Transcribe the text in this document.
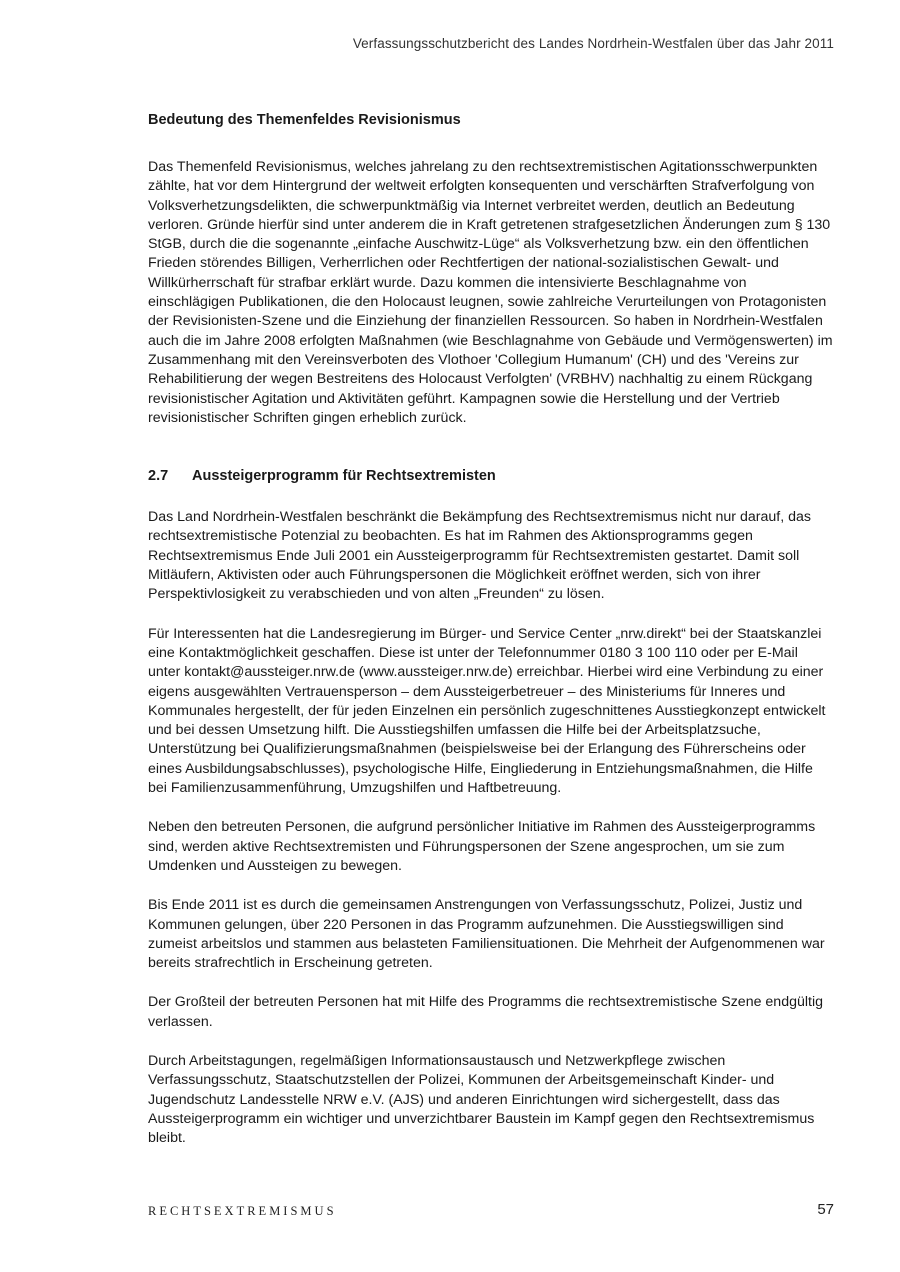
Verfassungsschutzbericht des Landes Nordrhein-Westfalen über das Jahr 2011
Bedeutung des Themenfeldes Revisionismus

Das Themenfeld Revisionismus, welches jahrelang zu den rechtsextremistischen Agitationsschwerpunkten zählte, hat vor dem Hintergrund der weltweit erfolgten konsequenten und verschärften Strafverfolgung von Volksverhetzungsdelikten, die schwerpunktmäßig via Internet verbreitet werden, deutlich an Bedeutung verloren. Gründe hierfür sind unter anderem die in Kraft getretenen strafgesetzlichen Änderungen zum § 130 StGB, durch die die sogenannte „einfache Auschwitz-Lüge“ als Volksverhetzung bzw. ein den öffentlichen Frieden störendes Billigen, Verherrlichen oder Rechtfertigen der national-sozialistischen Gewalt- und Willkürherrschaft für strafbar erklärt wurde. Dazu kommen die intensivierte Beschlagnahme von einschlägigen Publikationen, die den Holocaust leugnen, sowie zahlreiche Verurteilungen von Protagonisten der Revisionisten-Szene und die Einziehung der finanziellen Ressourcen. So haben in Nordrhein-Westfalen auch die im Jahre 2008 erfolgten Maßnahmen (wie Beschlagnahme von Gebäude und Vermögenswerten) im Zusammenhang mit den Vereinsverboten des Vlothoer 'Collegium Humanum' (CH) und des 'Vereins zur Rehabilitierung der wegen Bestreitens des Holocaust Verfolgten' (VRBHV) nachhaltig zu einem Rückgang revisionistischer Agitation und Aktivitäten geführt. Kampagnen sowie die Herstellung und der Vertrieb revisionistischer Schriften gingen erheblich zurück.

2.7	Aussteigerprogramm für Rechtsextremisten

Das Land Nordrhein-Westfalen beschränkt die Bekämpfung des Rechtsextremismus nicht nur darauf, das rechtsextremistische Potenzial zu beobachten. Es hat im Rahmen des Aktionsprogramms gegen Rechtsextremismus Ende Juli 2001 ein Aussteigerprogramm für Rechtsextremisten gestartet. Damit soll Mitläufern, Aktivisten oder auch Führungspersonen die Möglichkeit eröffnet werden, sich von ihrer Perspektivlosigkeit zu verabschieden und von alten „Freunden“ zu lösen.

Für Interessenten hat die Landesregierung im Bürger- und Service Center „nrw.direkt“ bei der Staatskanzlei eine Kontaktmöglichkeit geschaffen. Diese ist unter der Telefonnummer 0180 3 100 110 oder per E-Mail unter kontakt@aussteiger.nrw.de (www.aussteiger.nrw.de) erreichbar. Hierbei wird eine Verbindung zu einer eigens ausgewählten Vertrauensperson – dem Aussteigerbetreuer – des Ministeriums für Inneres und Kommunales hergestellt, der für jeden Einzelnen ein persönlich zugeschnittenes Ausstiegkonzept entwickelt und bei dessen Umsetzung hilft. Die Ausstiegshilfen umfassen die Hilfe bei der Arbeitsplatzsuche, Unterstützung bei Qualifizierungsmaßnahmen (beispielsweise bei der Erlangung des Führerscheins oder eines Ausbildungsabschlusses), psychologische Hilfe, Eingliederung in Entziehungsmaßnahmen, die Hilfe bei Familienzusammenführung, Umzugshilfen und Haftbetreuung.

Neben den betreuten Personen, die aufgrund persönlicher Initiative im Rahmen des Aussteigerprogramms sind, werden aktive Rechtsextremisten und Führungspersonen der Szene angesprochen, um sie zum Umdenken und Aussteigen zu bewegen.

Bis Ende 2011 ist es durch die gemeinsamen Anstrengungen von Verfassungsschutz, Polizei, Justiz und Kommunen gelungen, über 220 Personen in das Programm aufzunehmen. Die Ausstiegswilligen sind zumeist arbeitslos und stammen aus belasteten Familiensituationen. Die Mehrheit der Aufgenommenen war bereits strafrechtlich in Erscheinung getreten.

Der Großteil der betreuten Personen hat mit Hilfe des Programms die rechtsextremistische Szene endgültig verlassen.

Durch Arbeitstagungen, regelmäßigen Informationsaustausch und Netzwerkpflege zwischen Verfassungsschutz, Staatschutzstellen der Polizei, Kommunen der Arbeitsgemeinschaft Kinder- und Jugendschutz Landesstelle NRW e.V. (AJS) und anderen Einrichtungen wird sichergestellt, dass das Aussteigerprogramm ein wichtiger und unverzichtbarer Baustein im Kampf gegen den Rechtsextremismus bleibt.

RECHTSEXTREMISMUS	57
